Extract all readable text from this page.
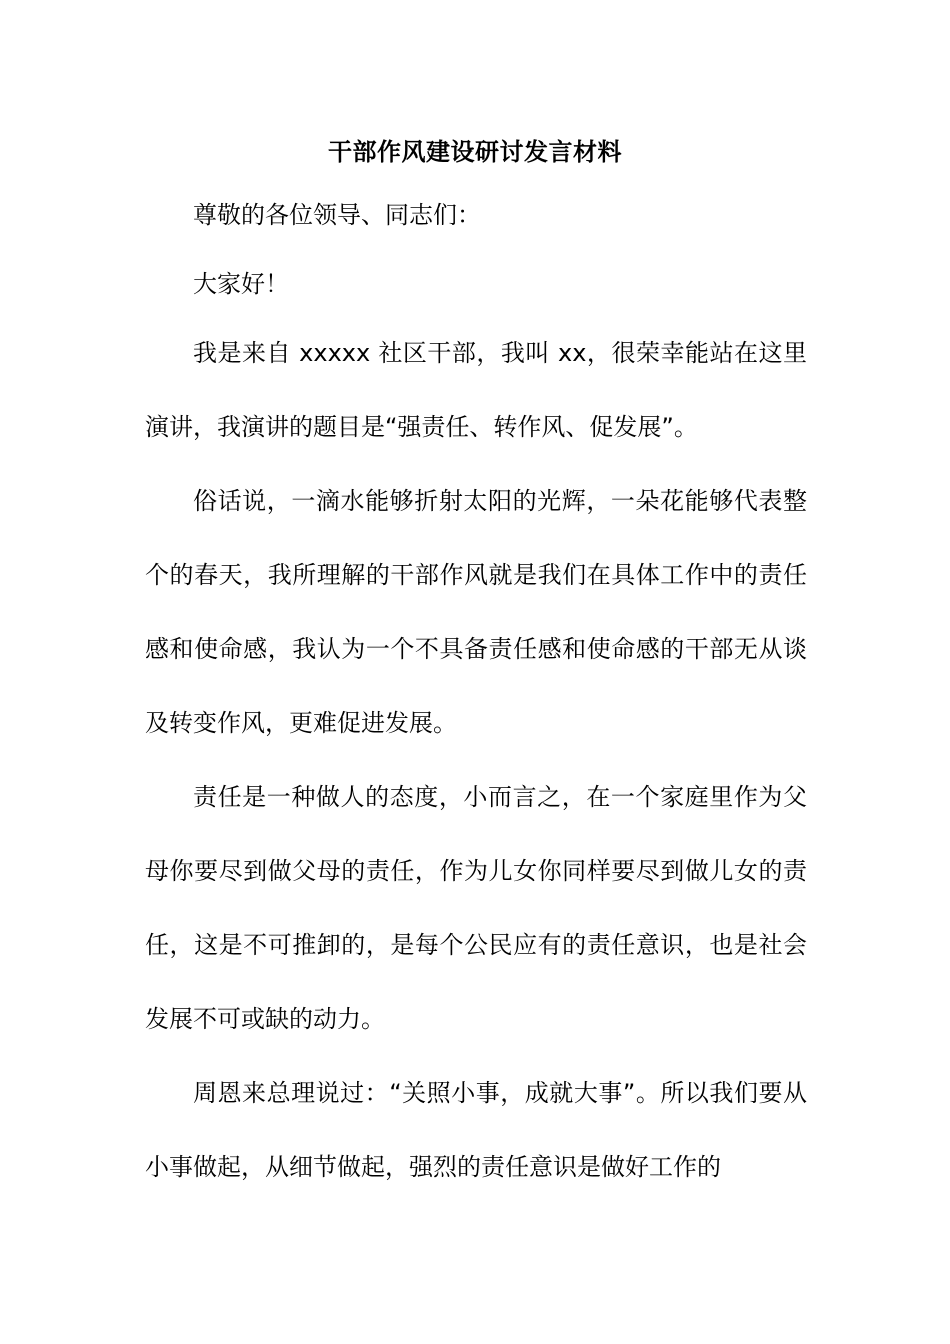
干部作风建设研讨发言材料

尊敬的各位领导、同志们：

大家好！

我是来自 xxxxx 社区干部，我叫 xx，很荣幸能站在这里演讲，我演讲的题目是“强责任、转作风、促发展”。

俗话说，一滴水能够折射太阳的光辉，一朵花能够代表整个的春天，我所理解的干部作风就是我们在具体工作中的责任感和使命感，我认为一个不具备责任感和使命感的干部无从谈及转变作风，更难促进发展。

责任是一种做人的态度，小而言之，在一个家庭里作为父母你要尽到做父母的责任，作为儿女你同样要尽到做儿女的责任，这是不可推卸的，是每个公民应有的责任意识，也是社会发展不可或缺的动力。

周恩来总理说过：“关照小事，成就大事”。所以我们要从小事做起，从细节做起，强烈的责任意识是做好工作的
